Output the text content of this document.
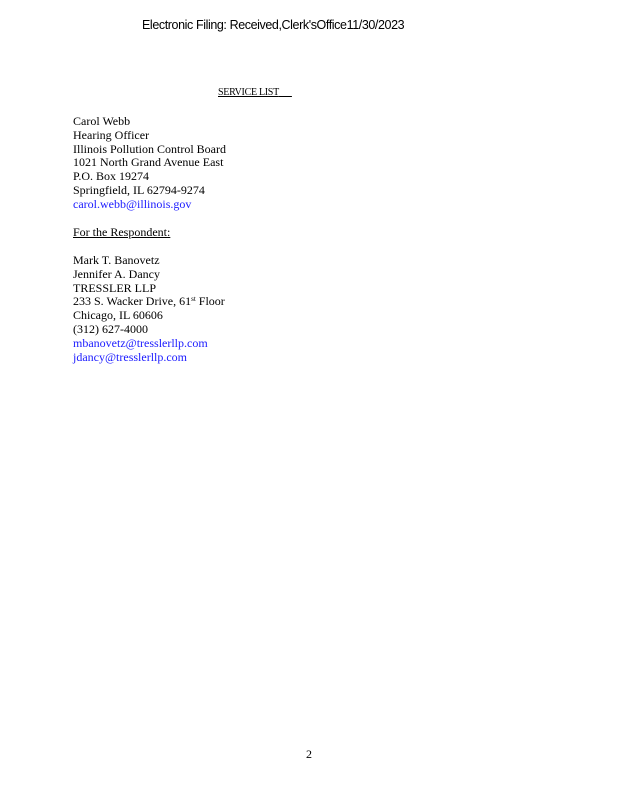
Electronic Filing: Received,Clerk'sOffice11/30/2023
SERVICE LIST
Carol Webb
Hearing Officer
Illinois Pollution Control Board
1021 North Grand Avenue East
P.O. Box 19274
Springfield, IL 62794-9274
carol.webb@illinois.gov
For the Respondent:
Mark T. Banovetz
Jennifer A. Dancy
TRESSLER LLP
233 S. Wacker Drive, 61st Floor
Chicago, IL 60606
(312) 627-4000
mbanovetz@tresslerllp.com
jdancy@tresslerllp.com
2
